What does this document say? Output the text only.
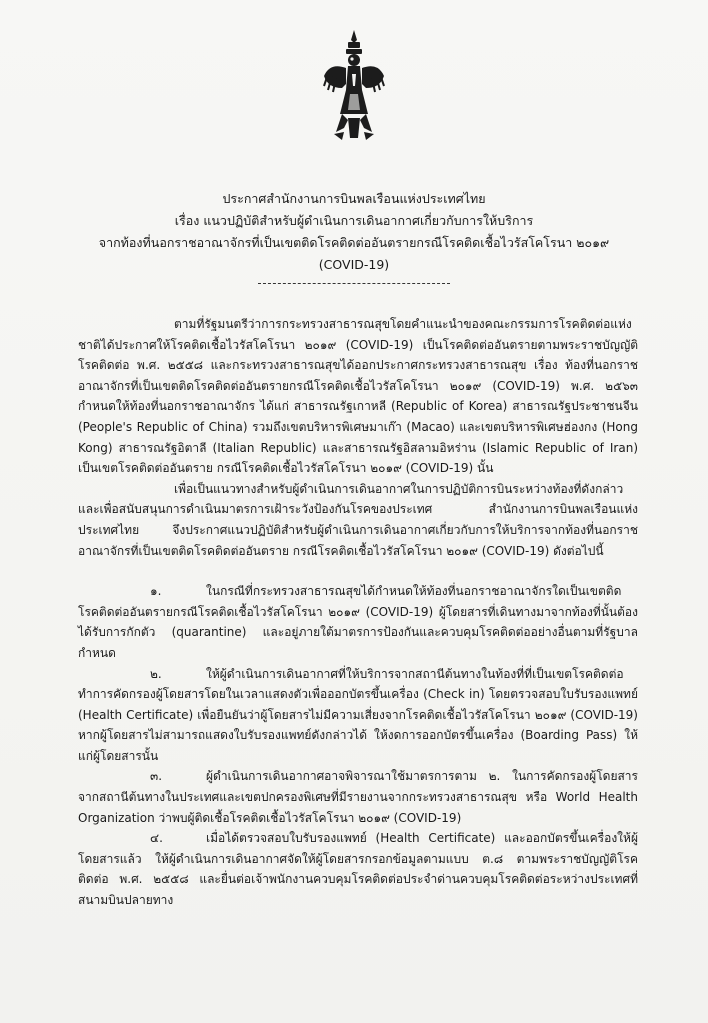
ประกาศสำนักงานการบินพลเรือนแห่งประเทศไทย
เรื่อง แนวปฏิบัติสำหรับผู้ดำเนินการเดินอากาศเกี่ยวกับการให้บริการ
จากท้องที่นอกราชอาณาจักรที่เป็นเขตติดโรคติดต่ออันตรายกรณีโรคติดเชื้อไวรัสโคโรนา ๒๐๑๙
(COVID-19)

ตามที่รัฐมนตรีว่าการกระทรวงสาธารณสุขโดยคำแนะนำของคณะกรรมการโรคติดต่อแห่งชาติได้ประกาศให้โรคติดเชื้อไวรัสโคโรนา ๒๐๑๙ (COVID-19) เป็นโรคติดต่ออันตรายตามพระราชบัญญัติโรคติดต่อ พ.ศ. ๒๕๕๘ และกระทรวงสาธารณสุขได้ออกประกาศกระทรวงสาธารณสุข เรื่อง ท้องที่นอกราชอาณาจักรที่เป็นเขตติดโรคติดต่ออันตรายกรณีโรคติดเชื้อไวรัสโคโรนา ๒๐๑๙ (COVID-19) พ.ศ. ๒๕๖๓ กำหนดให้ท้องที่นอกราชอาณาจักร ได้แก่ สาธารณรัฐเกาหลี (Republic of Korea) สาธารณรัฐประชาชนจีน (People's Republic of China) รวมถึงเขตบริหารพิเศษมาเก๊า (Macao) และเขตบริหารพิเศษฮ่องกง (Hong Kong) สาธารณรัฐอิตาลี (Italian Republic) และสาธารณรัฐอิสลามอิหร่าน (Islamic Republic of Iran) เป็นเขตโรคติดต่ออันตราย กรณีโรคติดเชื้อไวรัสโคโรนา ๒๐๑๙ (COVID-19) นั้น

เพื่อเป็นแนวทางสำหรับผู้ดำเนินการเดินอากาศในการปฏิบัติการบินระหว่างท้องที่ดังกล่าว และเพื่อสนับสนุนการดำเนินมาตรการเฝ้าระวังป้องกันโรคของประเทศ สำนักงานการบินพลเรือนแห่งประเทศไทย จึงประกาศแนวปฏิบัติสำหรับผู้ดำเนินการเดินอากาศเกี่ยวกับการให้บริการจากท้องที่นอกราชอาณาจักรที่เป็นเขตติดโรคติดต่ออันตราย กรณีโรคติดเชื้อไวรัสโคโรนา ๒๐๑๙ (COVID-19) ดังต่อไปนี้

๑.	ในกรณีที่กระทรวงสาธารณสุขได้กำหนดให้ท้องที่นอกราชอาณาจักรใดเป็นเขตติดโรคติดต่ออันตรายกรณีโรคติดเชื้อไวรัสโคโรนา ๒๐๑๙ (COVID-19) ผู้โดยสารที่เดินทางมาจากท้องที่นั้นต้องได้รับการกักตัว (quarantine) และอยู่ภายใต้มาตรการป้องกันและควบคุมโรคติดต่ออย่างอื่นตามที่รัฐบาลกำหนด

๒.	ให้ผู้ดำเนินการเดินอากาศที่ให้บริการจากสถานีต้นทางในท้องที่ที่เป็นเขตโรคติดต่อ ทำการคัดกรองผู้โดยสารโดยในเวลาแสดงตัวเพื่อออกบัตรขึ้นเครื่อง (Check in) โดยตรวจสอบใบรับรองแพทย์ (Health Certificate) เพื่อยืนยันว่าผู้โดยสารไม่มีความเสี่ยงจากโรคติดเชื้อไวรัสโคโรนา ๒๐๑๙ (COVID-19) หากผู้โดยสารไม่สามารถแสดงใบรับรองแพทย์ดังกล่าวได้ ให้งดการออกบัตรขึ้นเครื่อง (Boarding Pass) ให้แก่ผู้โดยสารนั้น

๓.	ผู้ดำเนินการเดินอากาศอาจพิจารณาใช้มาตรการตาม ๒. ในการคัดกรองผู้โดยสารจากสถานีต้นทางในประเทศและเขตปกครองพิเศษที่มีรายงานจากกระทรวงสาธารณสุข หรือ World Health Organization ว่าพบผู้ติดเชื้อโรคติดเชื้อไวรัสโคโรนา ๒๐๑๙ (COVID-19)

๔.	เมื่อได้ตรวจสอบใบรับรองแพทย์ (Health Certificate) และออกบัตรขึ้นเครื่องให้ผู้โดยสารแล้ว ให้ผู้ดำเนินการเดินอากาศจัดให้ผู้โดยสารกรอกข้อมูลตามแบบ ต.๘ ตามพระราชบัญญัติโรคติดต่อ พ.ศ. ๒๕๕๘ และยื่นต่อเจ้าพนักงานควบคุมโรคติดต่อประจำด่านควบคุมโรคติดต่อระหว่างประเทศที่สนามบินปลายทาง
